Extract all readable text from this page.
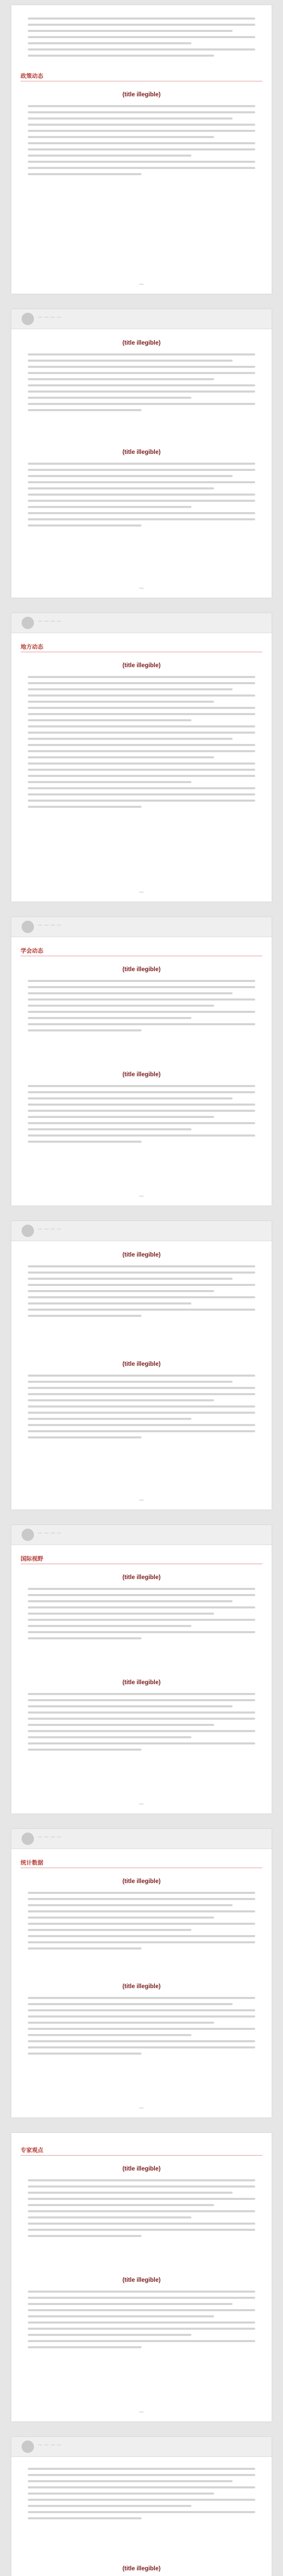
政策动态
(title illegible)
—
— — — —
(title illegible)
(title illegible)
—
— — — —
地方动态
(title illegible)
—
— — — —
学会动态
(title illegible)
(title illegible)
—
— — — —
(title illegible)
(title illegible)
—
— — — —
国际视野
(title illegible)
(title illegible)
—
— — — —
统计数据
(title illegible)
(title illegible)
—
专家观点
(title illegible)
(title illegible)
—
— — — —
(title illegible)
